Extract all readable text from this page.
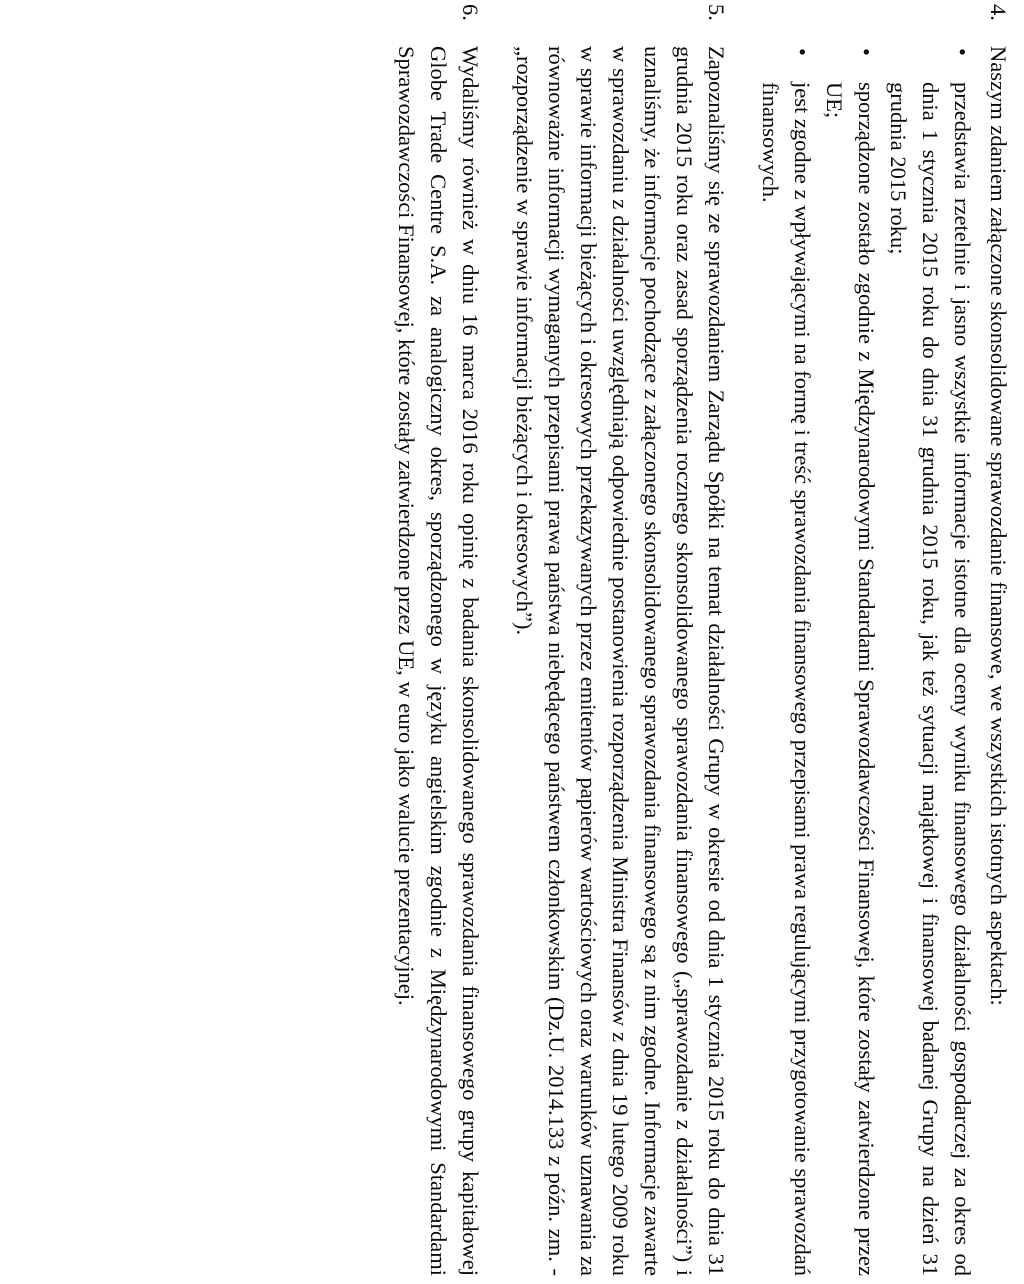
4.

Naszym zdaniem załączone skonsolidowane sprawozdanie finansowe, we wszystkich istotnych aspektach:

•
przedstawia rzetelnie i jasno wszystkie informacje istotne dla oceny wyniku finansowego działalności gospodarczej za okres od dnia 1 stycznia 2015 roku do dnia 31 grudnia 2015 roku, jak też sytuacji majątkowej i finansowej badanej Grupy na dzień 31 grudnia 2015 roku;
•
sporządzone zostało zgodnie z Międzynarodowymi Standardami Sprawozdawczości Finansowej, które zostały zatwierdzone przez UE;
•
jest zgodne z wpływającymi na formę i treść sprawozdania finansowego przepisami prawa regulującymi przygotowanie sprawozdań finansowych.
5.

Zapoznaliśmy się ze sprawozdaniem Zarządu Spółki na temat działalności Grupy w okresie od dnia 1 stycznia 2015 roku do dnia 31 grudnia 2015 roku oraz zasad sporządzenia rocznego skonsolidowanego sprawozdania finansowego („sprawozdanie z działalności”) i uznaliśmy, że informacje pochodzące z załączonego skonsolidowanego sprawozdania finansowego są z nim zgodne. Informacje zawarte w sprawozdaniu z działalności uwzględniają odpowiednie postanowienia rozporządzenia Ministra Finansów z dnia 19 lutego 2009 roku w sprawie informacji bieżących i okresowych przekazywanych przez emitentów papierów wartościowych oraz warunków uznawania za równoważne informacji wymaganych przepisami prawa państwa niebędącego państwem członkowskim (Dz.U. 2014.133 z późn. zm. - „rozporządzenie w sprawie informacji bieżących i okresowych”).

6.

Wydaliśmy również w dniu 16 marca 2016 roku opinię z badania skonsolidowanego sprawozdania finansowego grupy kapitałowej Globe Trade Centre S.A. za analogiczny okres, sporządzonego w języku angielskim zgodnie z Międzynarodowymi Standardami Sprawozdawczości Finansowej, które zostały zatwierdzone przez UE, w euro jako walucie prezentacyjnej.
